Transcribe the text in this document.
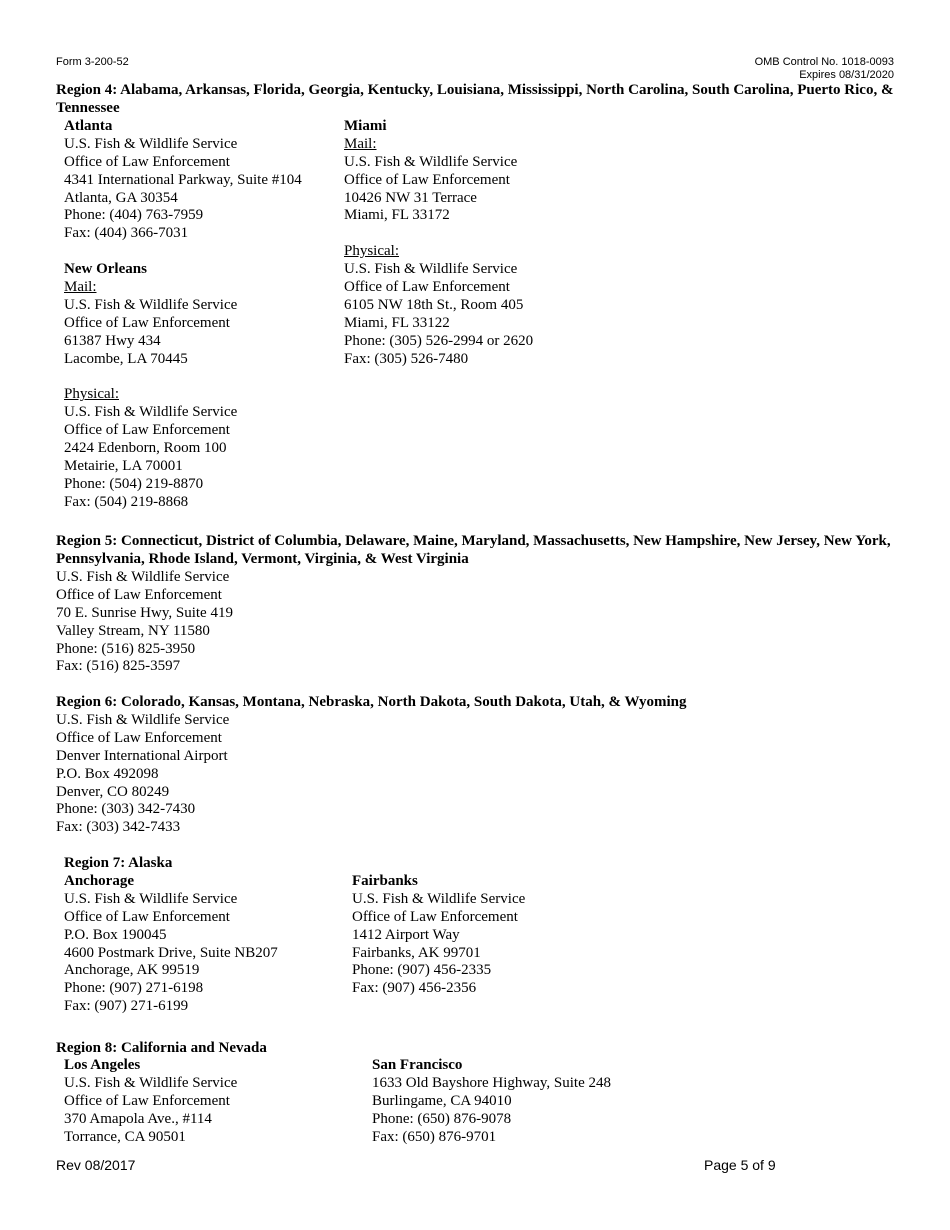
Form 3-200-52	OMB Control No. 1018-0093
Expires 08/31/2020
Region 4: Alabama, Arkansas, Florida, Georgia, Kentucky, Louisiana, Mississippi, North Carolina, South Carolina, Puerto Rico, & Tennessee
Atlanta
U.S. Fish & Wildlife Service
Office of Law Enforcement
4341 International Parkway, Suite #104
Atlanta, GA 30354
Phone: (404) 763-7959
Fax: (404) 366-7031
New Orleans
Mail:
U.S. Fish & Wildlife Service
Office of Law Enforcement
61387 Hwy 434
Lacombe, LA 70445
Physical:
U.S. Fish & Wildlife Service
Office of Law Enforcement
2424 Edenborn, Room 100
Metairie, LA 70001
Phone: (504) 219-8870
Fax: (504) 219-8868
Miami
Mail:
U.S. Fish & Wildlife Service
Office of Law Enforcement
10426 NW 31 Terrace
Miami, FL 33172
Physical:
U.S. Fish & Wildlife Service
Office of Law Enforcement
6105 NW 18th St., Room 405
Miami, FL 33122
Phone: (305) 526-2994 or 2620
Fax: (305) 526-7480
Region 5: Connecticut, District of Columbia, Delaware, Maine, Maryland, Massachusetts, New Hampshire, New Jersey, New York, Pennsylvania, Rhode Island, Vermont, Virginia, & West Virginia
U.S. Fish & Wildlife Service
Office of Law Enforcement
70 E. Sunrise Hwy, Suite 419
Valley Stream, NY 11580
Phone: (516) 825-3950
Fax: (516) 825-3597
Region 6: Colorado, Kansas, Montana, Nebraska, North Dakota, South Dakota, Utah, & Wyoming
U.S. Fish & Wildlife Service
Office of Law Enforcement
Denver International Airport
P.O. Box 492098
Denver, CO 80249
Phone: (303) 342-7430
Fax: (303) 342-7433
Region 7: Alaska
Anchorage
U.S. Fish & Wildlife Service
Office of Law Enforcement
P.O. Box 190045
4600 Postmark Drive, Suite NB207
Anchorage, AK 99519
Phone: (907) 271-6198
Fax: (907) 271-6199
Fairbanks
U.S. Fish & Wildlife Service
Office of Law Enforcement
1412 Airport Way
Fairbanks, AK 99701
Phone: (907) 456-2335
Fax: (907) 456-2356
Region 8: California and Nevada
Los Angeles
U.S. Fish & Wildlife Service
Office of Law Enforcement
370 Amapola Ave., #114
Torrance, CA 90501
San Francisco
1633 Old Bayshore Highway, Suite 248
Burlingame, CA 94010
Phone: (650) 876-9078
Fax: (650) 876-9701
Rev 08/2017	Page 5 of 9
